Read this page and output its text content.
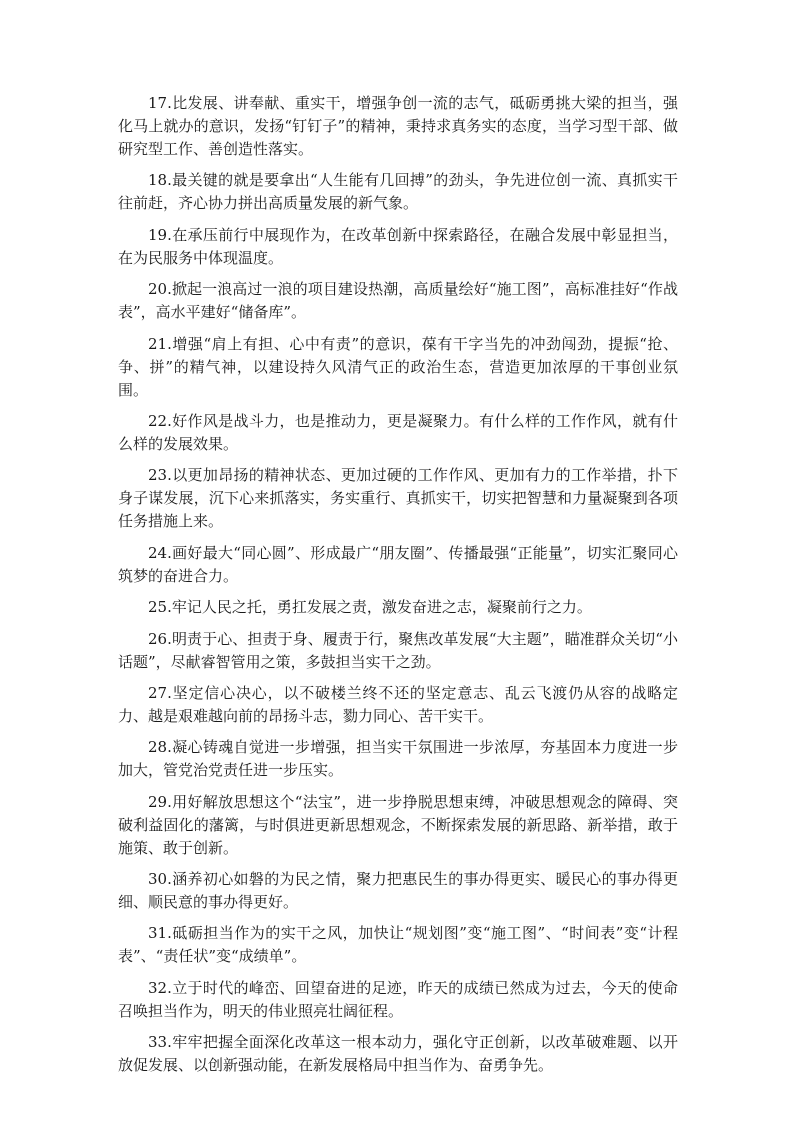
17.比发展、讲奉献、重实干，增强争创一流的志气，砥砺勇挑大梁的担当，强化马上就办的意识，发扬“钉钉子”的精神，秉持求真务实的态度，当学习型干部、做研究型工作、善创造性落实。

18.最关键的就是要拿出“人生能有几回搏”的劲头，争先进位创一流、真抓实干往前赶，齐心协力拼出高质量发展的新气象。

19.在承压前行中展现作为，在改革创新中探索路径，在融合发展中彰显担当，在为民服务中体现温度。

20.掀起一浪高过一浪的项目建设热潮，高质量绘好“施工图”，高标准挂好“作战表”，高水平建好“储备库”。

21.增强“肩上有担、心中有责”的意识，葆有干字当先的冲劲闯劲，提振“抢、争、拼”的精气神，以建设持久风清气正的政治生态，营造更加浓厚的干事创业氛围。

22.好作风是战斗力，也是推动力，更是凝聚力。有什么样的工作作风，就有什么样的发展效果。

23.以更加昂扬的精神状态、更加过硬的工作作风、更加有力的工作举措，扑下身子谋发展，沉下心来抓落实，务实重行、真抓实干，切实把智慧和力量凝聚到各项任务措施上来。

24.画好最大“同心圆”、形成最广“朋友圈”、传播最强“正能量”，切实汇聚同心筑梦的奋进合力。

25.牢记人民之托，勇扛发展之责，激发奋进之志，凝聚前行之力。

26.明责于心、担责于身、履责于行，聚焦改革发展“大主题”，瞄准群众关切“小话题”，尽献睿智管用之策，多鼓担当实干之劲。

27.坚定信心决心，以不破楼兰终不还的坚定意志、乱云飞渡仍从容的战略定力、越是艰难越向前的昂扬斗志，勠力同心、苦干实干。

28.凝心铸魂自觉进一步增强，担当实干氛围进一步浓厚，夯基固本力度进一步加大，管党治党责任进一步压实。

29.用好解放思想这个“法宝”，进一步挣脱思想束缚，冲破思想观念的障碍、突破利益固化的藩篱，与时俱进更新思想观念，不断探索发展的新思路、新举措，敢于施策、敢于创新。

30.涵养初心如磐的为民之情，聚力把惠民生的事办得更实、暖民心的事办得更细、顺民意的事办得更好。

31.砥砺担当作为的实干之风，加快让“规划图”变“施工图”、“时间表”变“计程表”、“责任状”变“成绩单”。

32.立于时代的峰峦、回望奋进的足迹，昨天的成绩已然成为过去，今天的使命召唤担当作为，明天的伟业照亮壮阔征程。

33.牢牢把握全面深化改革这一根本动力，强化守正创新，以改革破难题、以开放促发展、以创新强动能，在新发展格局中担当作为、奋勇争先。
